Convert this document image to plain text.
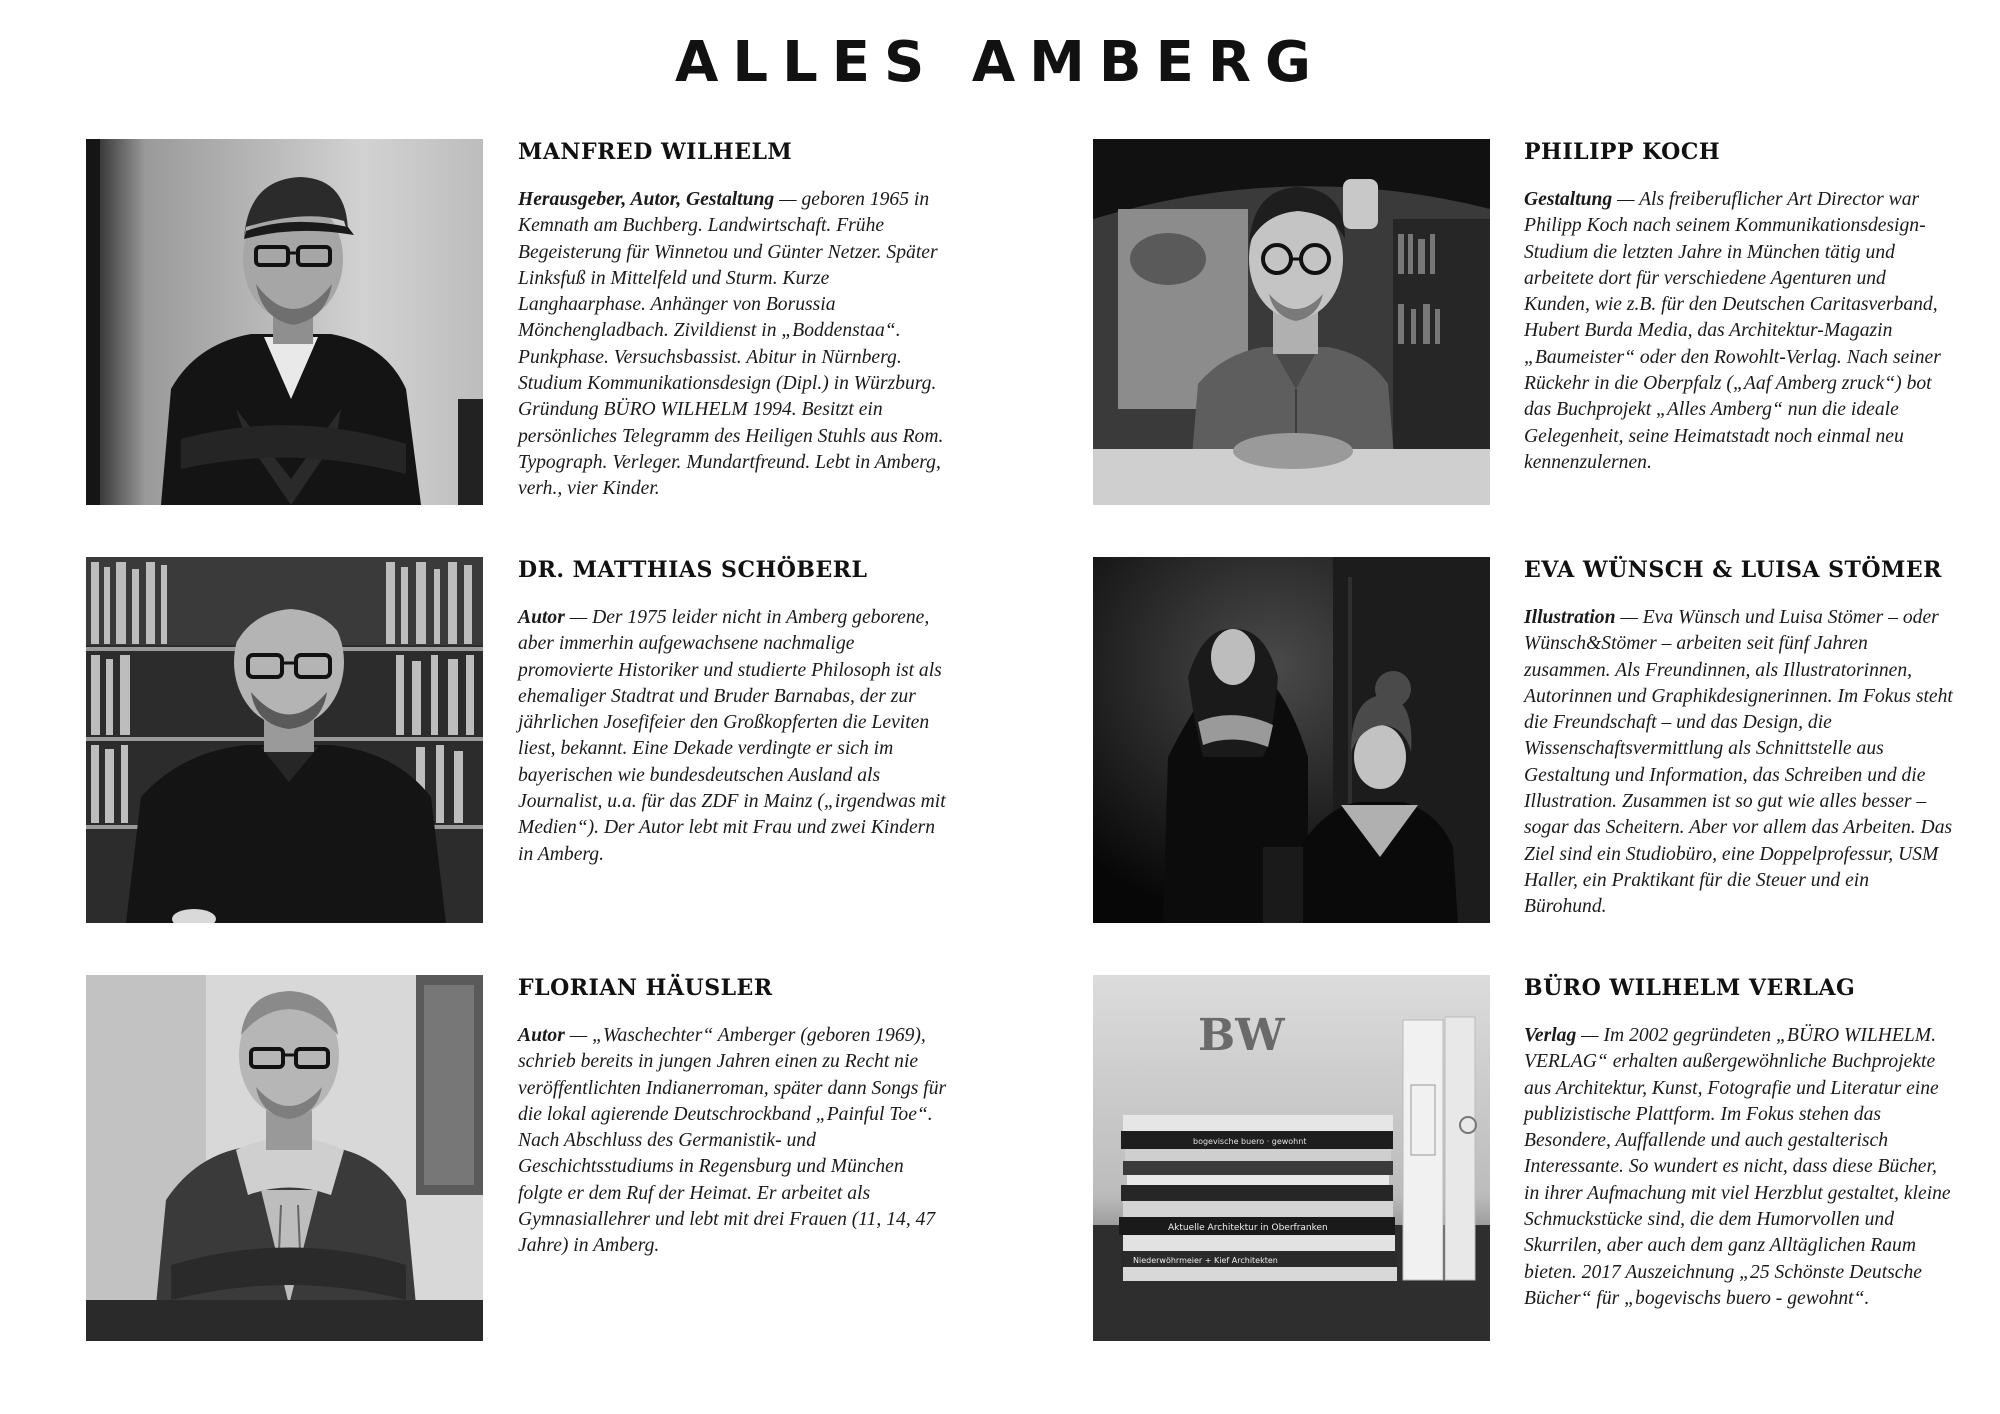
ALLES AMBERG
MANFRED WILHELM

Herausgeber, Autor, Gestaltung — geboren 1965 in Kemnath am Buchberg. Landwirtschaft. Frühe Begeisterung für Winnetou und Günter Netzer. Später Linksfuß in Mittelfeld und Sturm. Kurze Langhaarphase. Anhänger von Borussia Mönchengladbach. Zivildienst in „Boddenstaa“. Punkphase. Versuchsbassist. Abitur in Nürnberg. Studium Kommunikationsdesign (Dipl.) in Würzburg. Gründung BÜRO WILHELM 1994. Besitzt ein persönliches Telegramm des Heiligen Stuhls aus Rom. Typograph. Verleger. Mundartfreund. Lebt in Amberg, verh., vier Kinder.

PHILIPP KOCH

Gestaltung — Als freiberuflicher Art Director war Philipp Koch nach seinem Kommunikationsdesign-Studium die letzten Jahre in München tätig und arbeitete dort für verschiedene Agenturen und Kunden, wie z.B. für den Deutschen Caritasverband, Hubert Burda Media, das Architektur-Magazin „Baumeister“ oder den Rowohlt-Verlag. Nach seiner Rückehr in die Oberpfalz („Aaf Amberg zruck“) bot das Buchprojekt „Alles Amberg“ nun die ideale Gelegenheit, seine Heimatstadt noch einmal neu kennenzulernen.

DR. MATTHIAS SCHÖBERL

Autor — Der 1975 leider nicht in Amberg geborene, aber immerhin aufgewachsene nachmalige promovierte Historiker und studierte Philosoph ist als ehemaliger Stadtrat und Bruder Barnabas, der zur jährlichen Josefifeier den Großkopferten die Leviten liest, bekannt. Eine Dekade verdingte er sich im bayerischen wie bundesdeutschen Ausland als Journalist, u.a. für das ZDF in Mainz („irgendwas mit Medien“). Der Autor lebt mit Frau und zwei Kindern in Amberg.

EVA WÜNSCH & LUISA STÖMER

Illustration — Eva Wünsch und Luisa Stömer – oder Wünsch&Stömer – arbeiten seit fünf Jahren zusammen. Als Freundinnen, als Illustratorinnen, Autorinnen und Graphikdesignerinnen. Im Fokus steht die Freundschaft – und das Design, die Wissenschaftsvermittlung als Schnittstelle aus Gestaltung und Information, das Schreiben und die Illustration. Zusammen ist so gut wie alles besser – sogar das Scheitern. Aber vor allem das Arbeiten. Das Ziel sind ein Studiobüro, eine Doppelprofessur, USM Haller, ein Praktikant für die Steuer und ein Bürohund.

FLORIAN HÄUSLER

Autor — „Waschechter“ Amberger (geboren 1969), schrieb bereits in jungen Jahren einen zu Recht nie veröffentlichten Indianerroman, später dann Songs für die lokal agierende Deutschrockband „Painful Toe“. Nach Abschluss des Germanistik- und Geschichtsstudiums in Regensburg und München folgte er dem Ruf der Heimat. Er arbeitet als Gymnasiallehrer und lebt mit drei Frauen (11, 14, 47 Jahre) in Amberg.

BW
bogevische buero · gewohnt
Aktuelle Architektur in Oberfranken
Niederwöhrmeier + Kief Architekten
BÜRO WILHELM VERLAG

Verlag — Im 2002 gegründeten „BÜRO WILHELM. VERLAG“ erhalten außergewöhnliche Buchprojekte aus Architektur, Kunst, Fotografie und Literatur eine publizistische Plattform. Im Fokus stehen das Besondere, Auffallende und auch gestalterisch Interessante. So wundert es nicht, dass diese Bücher, in ihrer Aufmachung mit viel Herzblut gestaltet, kleine Schmuckstücke sind, die dem Humorvollen und Skurrilen, aber auch dem ganz Alltäglichen Raum bieten. 2017 Auszeichnung „25 Schönste Deutsche Bücher“ für „bogevischs buero - gewohnt“.
